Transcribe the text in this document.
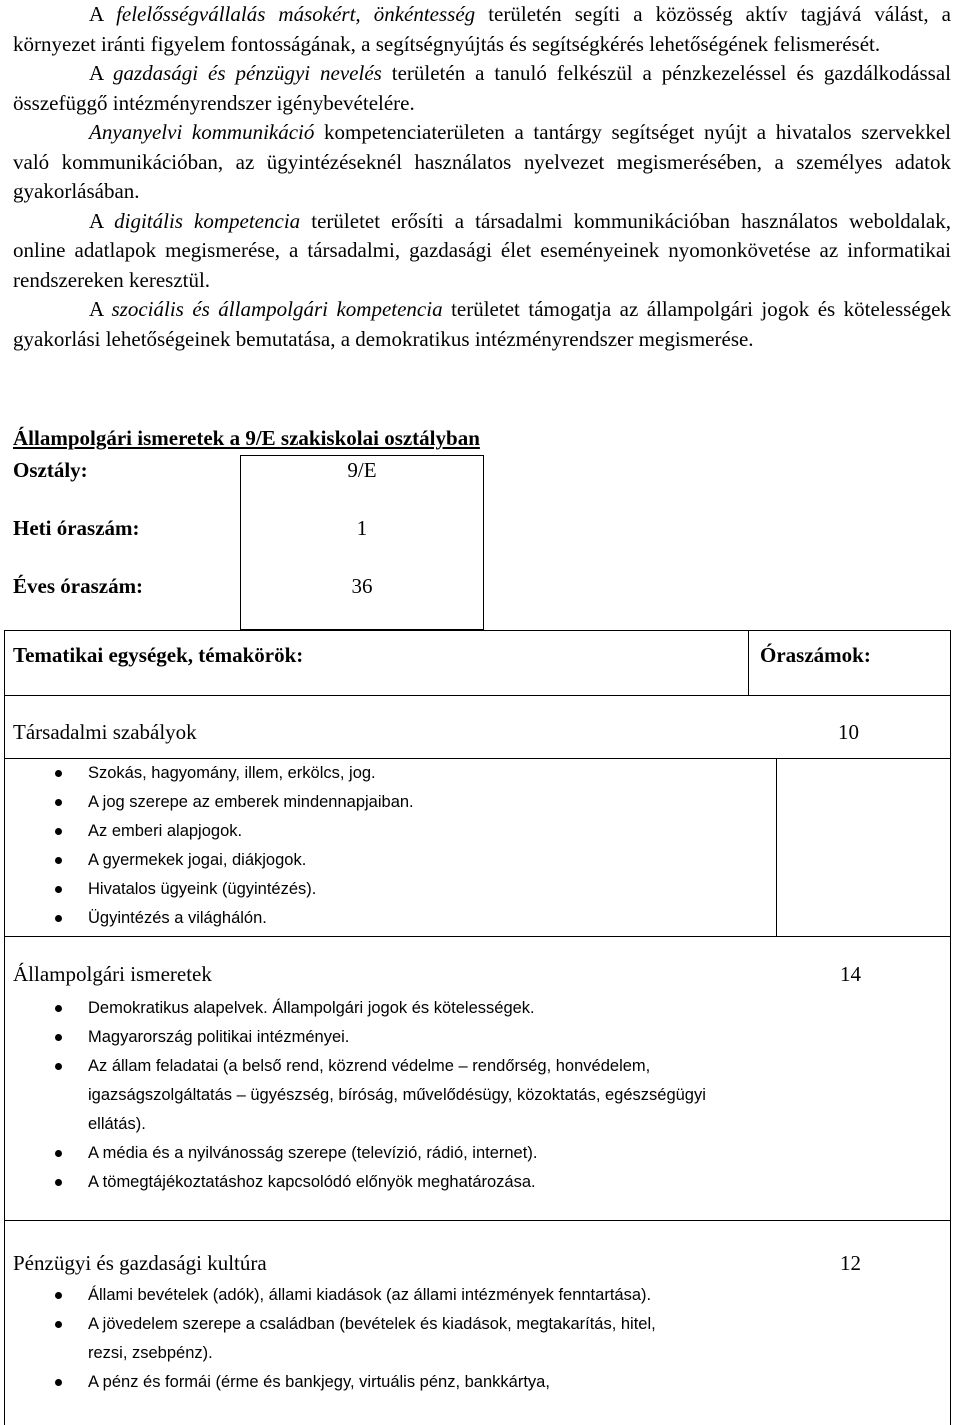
A felelősségvállalás másokért, önkéntesség területén segíti a közösség aktív tagjává válást, a környezet iránti figyelem fontosságának, a segítségnyújtás és segítségkérés lehetőségének felismerését.

A gazdasági és pénzügyi nevelés területén a tanuló felkészül a pénzkezeléssel és gazdálkodással összefüggő intézményrendszer igénybevételére.

Anyanyelvi kommunikáció kompetenciaterületen a tantárgy segítséget nyújt a hivatalos szervekkel való kommunikációban, az ügyintézéseknél használatos nyelvezet megismerésében, a személyes adatok gyakorlásában.

A digitális kompetencia területet erősíti a társadalmi kommunikációban használatos weboldalak, online adatlapok megismerése, a társadalmi, gazdasági élet eseményeinek nyomonkövetése az informatikai rendszereken keresztül.

A szociális és állampolgári kompetencia területet támogatja az állampolgári jogok és kötelességek gyakorlási lehetőségeinek bemutatása, a demokratikus intézményrendszer megismerése.

Állampolgári ismeretek a 9/E szakiskolai osztályban
Osztály:	9/E
Heti óraszám:	1
Éves óraszám:	36
Tematikai egységek, témakörök:	Óraszámok:
Társadalmi szabályok	10
Szokás, hagyomány, illem, erkölcs, jog.
A jog szerepe az emberek mindennapjaiban.
Az emberi alapjogok.
A gyermekek jogai, diákjogok.
Hivatalos ügyeink (ügyintézés).
Ügyintézés a világhálón.
Állampolgári ismeretek	14
Demokratikus alapelvek. Állampolgári jogok és kötelességek.
Magyarország politikai intézményei.
Az állam feladatai (a belső rend, közrend védelme – rendőrség, honvédelem, igazságszolgáltatás – ügyészség, bíróság, művelődésügy, közoktatás, egészségügyi ellátás).
A média és a nyilvánosság szerepe (televízió, rádió, internet).
A tömegtájékoztatáshoz kapcsolódó előnyök meghatározása.
Pénzügyi és gazdasági kultúra	12
Állami bevételek (adók), állami kiadások (az állami intézmények fenntartása).
A jövedelem szerepe a családban (bevételek és kiadások, megtakarítás, hitel, rezsi, zsebpénz).
A pénz és formái (érme és bankjegy, virtuális pénz, bankkártya,
